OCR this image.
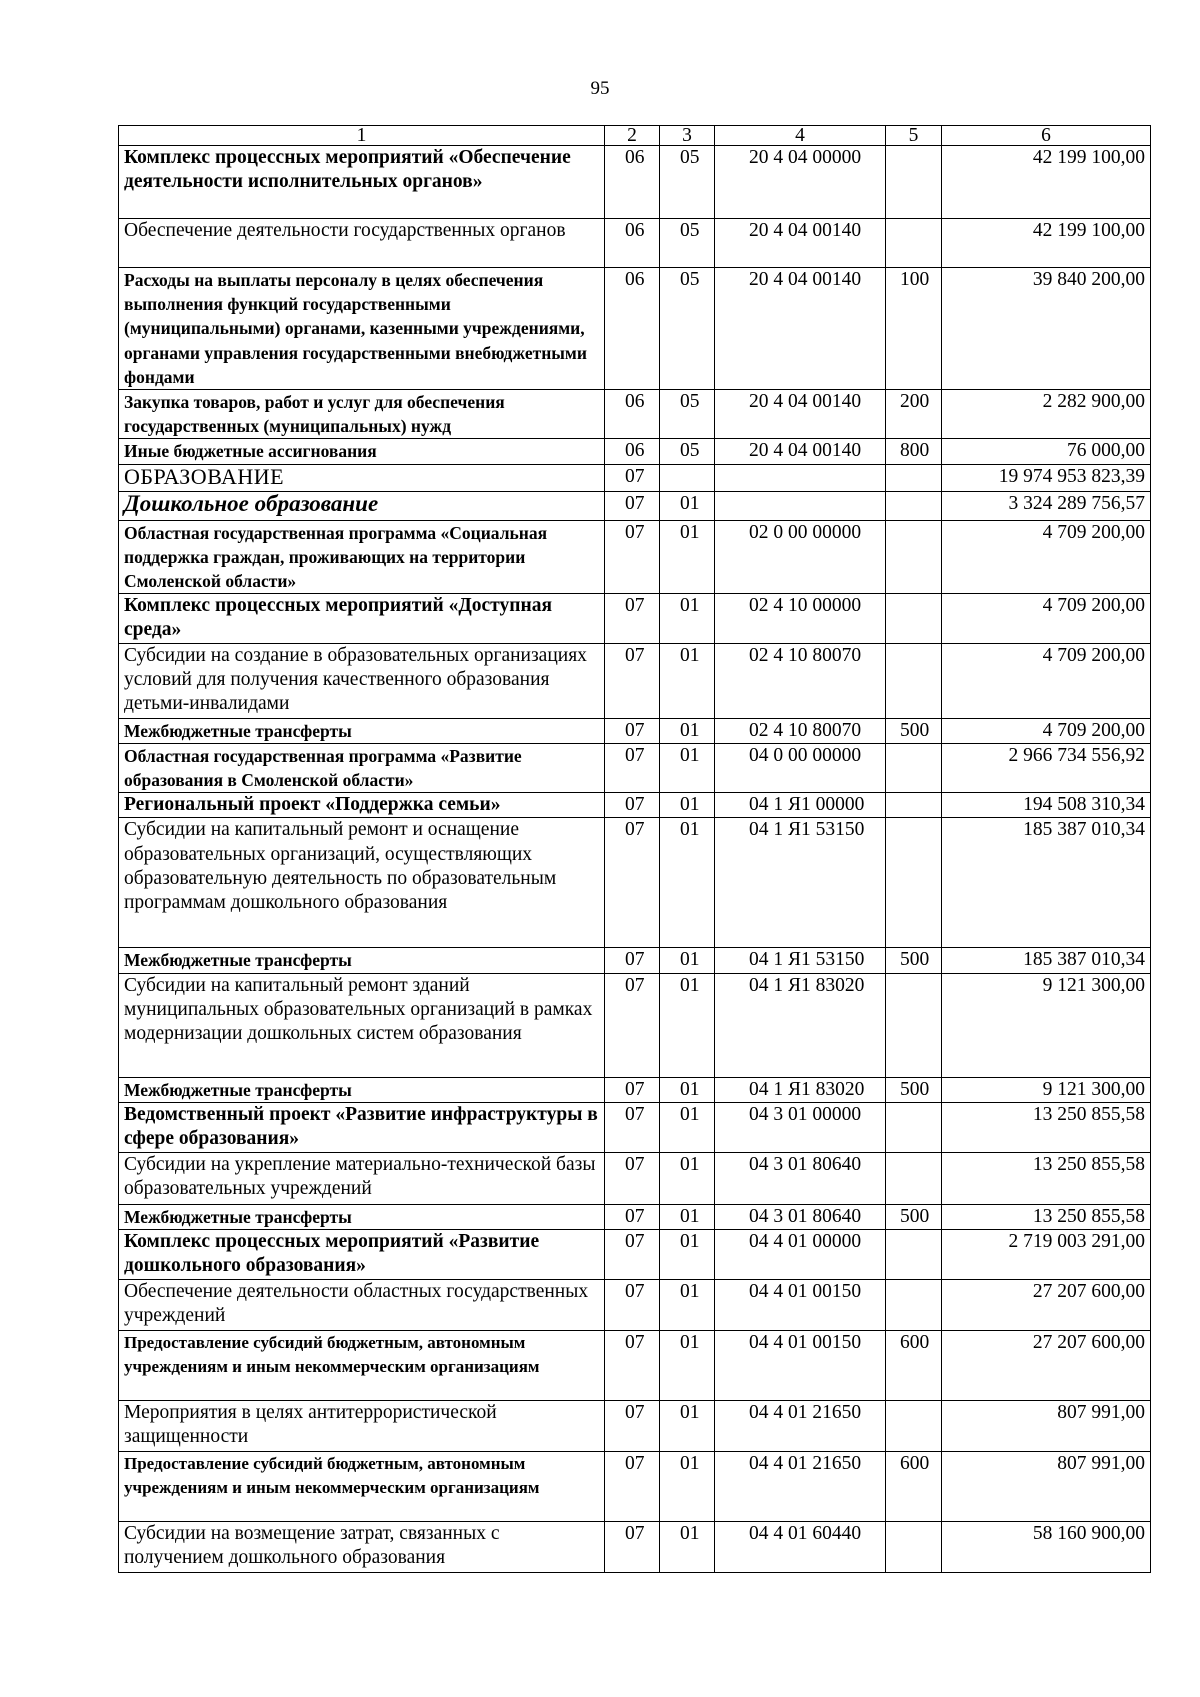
95
1	2	3	4	5	6
Комплекс процессных мероприятий «Обеспечение деятельности исполнительных органов»	06	05	20 4 04 00000		42 199 100,00
Обеспечение деятельности государственных органов	06	05	20 4 04 00140		42 199 100,00
Расходы на выплаты персоналу в целях обеспечения выполнения функций государственными (муниципальными) органами, казенными учреждениями, органами управления государственными внебюджетными фондами	06	05	20 4 04 00140	100	39 840 200,00
Закупка товаров, работ и услуг для обеспечения государственных (муниципальных) нужд	06	05	20 4 04 00140	200	2 282 900,00
Иные бюджетные ассигнования	06	05	20 4 04 00140	800	76 000,00
ОБРАЗОВАНИЕ	07				19 974 953 823,39
Дошкольное образование	07	01			3 324 289 756,57
Областная государственная программа «Социальная поддержка граждан, проживающих на территории Смоленской области»	07	01	02 0 00 00000		4 709 200,00
Комплекс процессных мероприятий «Доступная среда»	07	01	02 4 10 00000		4 709 200,00
Субсидии на создание в образовательных организациях условий для получения качественного образования детьми-инвалидами	07	01	02 4 10 80070		4 709 200,00
Межбюджетные трансферты	07	01	02 4 10 80070	500	4 709 200,00
Областная государственная программа «Развитие образования в Смоленской области»	07	01	04 0 00 00000		2 966 734 556,92
Региональный проект «Поддержка семьи»	07	01	04 1 Я1 00000		194 508 310,34
Субсидии на капитальный ремонт и оснащение образовательных организаций, осуществляющих образовательную деятельность по образовательным программам дошкольного образования	07	01	04 1 Я1 53150		185 387 010,34
Межбюджетные трансферты	07	01	04 1 Я1 53150	500	185 387 010,34
Субсидии на капитальный ремонт зданий муниципальных образовательных организаций в рамках модернизации дошкольных систем образования	07	01	04 1 Я1 83020		9 121 300,00
Межбюджетные трансферты	07	01	04 1 Я1 83020	500	9 121 300,00
Ведомственный проект «Развитие инфраструктуры в сфере образования»	07	01	04 3 01 00000		13 250 855,58
Субсидии на укрепление материально-технической базы образовательных учреждений	07	01	04 3 01 80640		13 250 855,58
Межбюджетные трансферты	07	01	04 3 01 80640	500	13 250 855,58
Комплекс процессных мероприятий «Развитие дошкольного образования»	07	01	04 4 01 00000		2 719 003 291,00
Обеспечение деятельности областных государственных учреждений	07	01	04 4 01 00150		27 207 600,00
Предоставление субсидий бюджетным, автономным учреждениям и иным некоммерческим организациям	07	01	04 4 01 00150	600	27 207 600,00
Мероприятия в целях антитеррористической защищенности	07	01	04 4 01 21650		807 991,00
Предоставление субсидий бюджетным, автономным учреждениям и иным некоммерческим организациям	07	01	04 4 01 21650	600	807 991,00
Субсидии на возмещение затрат, связанных с получением дошкольного образования	07	01	04 4 01 60440		58 160 900,00
